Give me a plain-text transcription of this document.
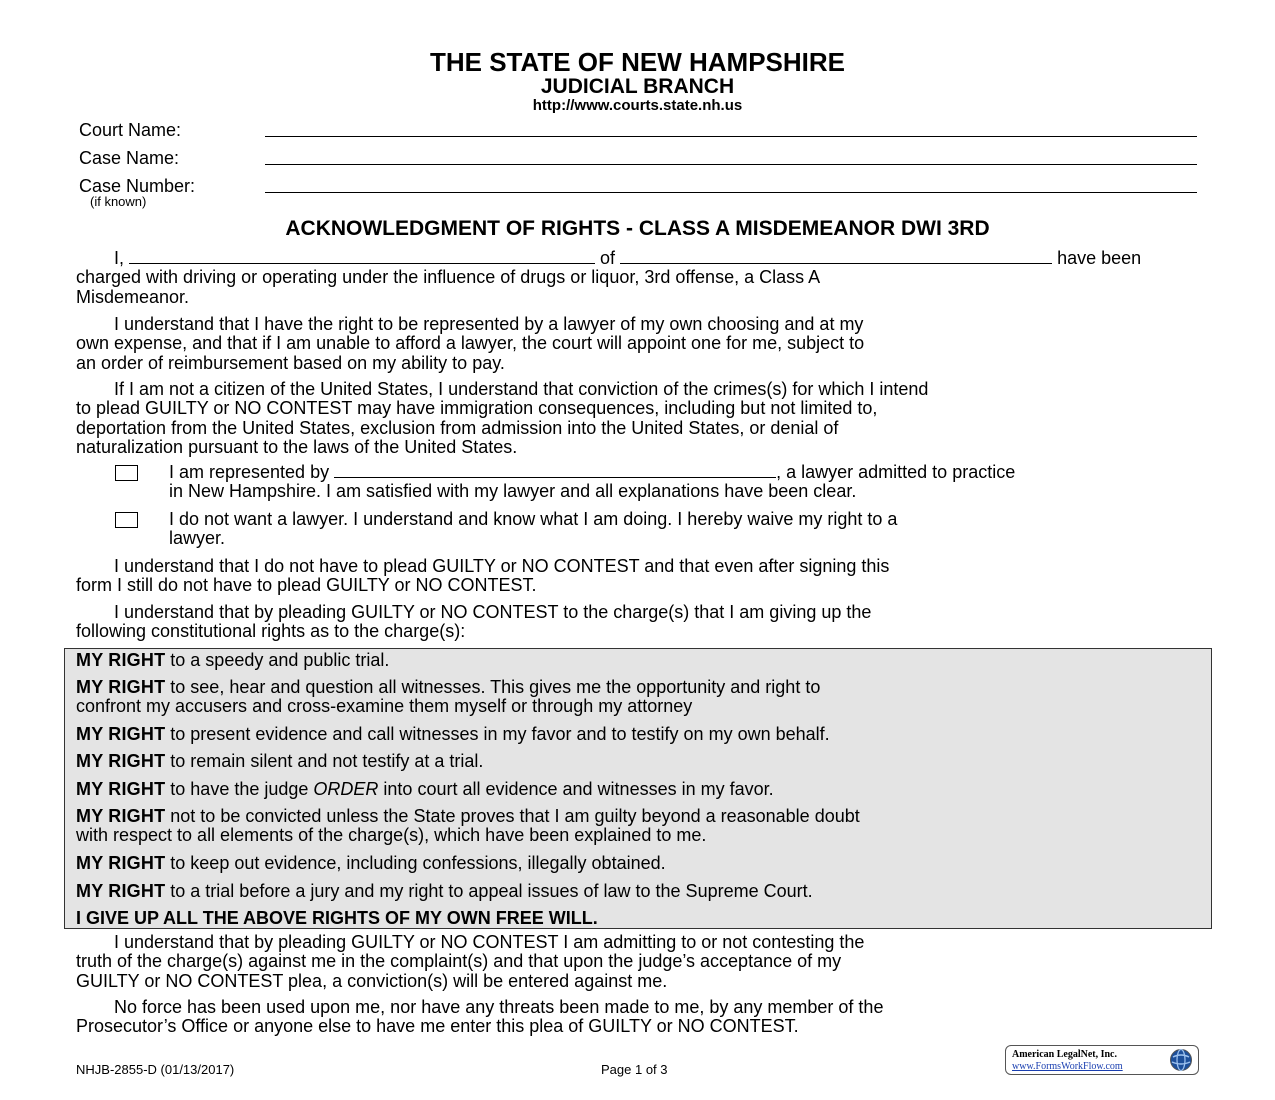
THE STATE OF NEW HAMPSHIRE
JUDICIAL BRANCH
http://www.courts.state.nh.us
Court Name:
Case Name:
Case Number:
(if known)
ACKNOWLEDGMENT OF RIGHTS - CLASS A MISDEMEANOR DWI 3RD
I,	of	have been
charged with driving or operating under the influence of drugs or liquor, 3rd offense, a Class A
Misdemeanor.
I understand that I have the right to be represented by a lawyer of my own choosing and at my
own expense, and that if I am unable to afford a lawyer, the court will appoint one for me, subject to
an order of reimbursement based on my ability to pay.
If I am not a citizen of the United States, I understand that conviction of the crimes(s) for which I intend
to plead GUILTY or NO CONTEST may have immigration consequences, including but not limited to,
deportation from the United States, exclusion from admission into the United States, or denial of
naturalization pursuant to the laws of the United States.
I am represented by	, a lawyer admitted to practice
in New Hampshire. I am satisfied with my lawyer and all explanations have been clear.
I do not want a lawyer. I understand and know what I am doing. I hereby waive my right to a
lawyer.
I understand that I do not have to plead GUILTY or NO CONTEST and that even after signing this
form I still do not have to plead GUILTY or NO CONTEST.
I understand that by pleading GUILTY or NO CONTEST to the charge(s) that I am giving up the
following constitutional rights as to the charge(s):
MY RIGHT to a speedy and public trial.
MY RIGHT to see, hear and question all witnesses. This gives me the opportunity and right to
confront my accusers and cross-examine them myself or through my attorney
MY RIGHT to present evidence and call witnesses in my favor and to testify on my own behalf.
MY RIGHT to remain silent and not testify at a trial.
MY RIGHT to have the judge ORDER into court all evidence and witnesses in my favor.
MY RIGHT not to be convicted unless the State proves that I am guilty beyond a reasonable doubt
with respect to all elements of the charge(s), which have been explained to me.
MY RIGHT to keep out evidence, including confessions, illegally obtained.
MY RIGHT to a trial before a jury and my right to appeal issues of law to the Supreme Court.
I GIVE UP ALL THE ABOVE RIGHTS OF MY OWN FREE WILL.
I understand that by pleading GUILTY or NO CONTEST I am admitting to or not contesting the
truth of the charge(s) against me in the complaint(s) and that upon the judge’s acceptance of my
GUILTY or NO CONTEST plea, a conviction(s) will be entered against me.
No force has been used upon me, nor have any threats been made to me, by any member of the
Prosecutor’s Office or anyone else to have me enter this plea of GUILTY or NO CONTEST.
NHJB-2855-D (01/13/2017)	Page 1 of 3
American LegalNet, Inc.
www.FormsWorkFlow.com
